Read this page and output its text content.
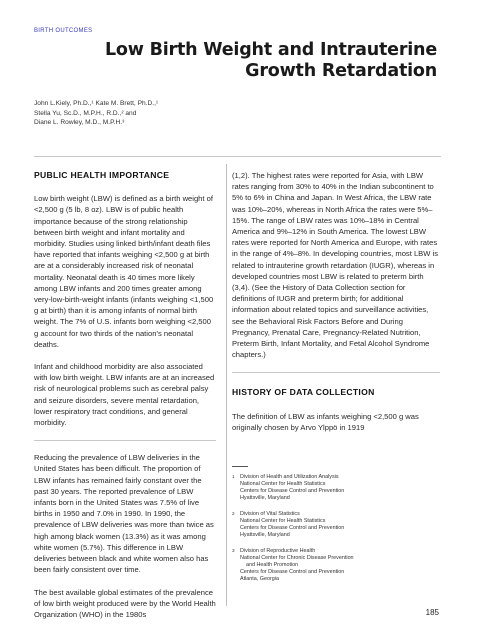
BIRTH OUTCOMES
Low Birth Weight and Intrauterine
Growth Retardation
John L.Kiely, Ph.D.,¹ Kate M. Brett, Ph.D.,¹
Stella Yu, Sc.D., M.P.H., R.D.,² and
Diane L. Rowley, M.D., M.P.H.³

PUBLIC HEALTH IMPORTANCE

Low birth weight (LBW) is defined as a birth weight of <2,500 g (5 lb, 8 oz). LBW is of public health importance because of the strong relationship between birth weight and infant mortality and morbidity. Studies using linked birth/infant death files have reported that infants weighing <2,500 g at birth are at a considerably increased risk of neonatal mortality. Neonatal death is 40 times more likely among LBW infants and 200 times greater among very-low-birth-weight infants (infants weighing <1,500 g at birth) than it is among infants of normal birth weight. The 7% of U.S. infants born weighing <2,500 g account for two thirds of the nation’s neonatal deaths.

Infant and childhood morbidity are also associated with low birth weight. LBW infants are at an increased risk of neurological problems such as cerebral palsy and seizure disorders, severe mental retardation, lower respiratory tract conditions, and general morbidity.

Reducing the prevalence of LBW deliveries in the United States has been difficult. The proportion of LBW infants has remained fairly constant over the past 30 years. The reported prevalence of LBW infants born in the United States was 7.5% of live births in 1950 and 7.0% in 1990. In 1990, the prevalence of LBW deliveries was more than twice as high among black women (13.3%) as it was among white women (5.7%). This difference in LBW deliveries between black and white women also has been fairly consistent over time.

The best available global estimates of the prevalence of low birth weight produced were by the World Health Organization (WHO) in the 1980s

(1,2). The highest rates were reported for Asia, with LBW rates ranging from 30% to 40% in the Indian subcontinent to 5% to 6% in China and Japan. In West Africa, the LBW rate was 10%–20%, whereas in North Africa the rates were 5%–15%. The range of LBW rates was 10%–18% in Central America and 9%–12% in South America. The lowest LBW rates were reported for North America and Europe, with rates in the range of 4%–8%. In developing countries, most LBW is related to intrauterine growth retardation (IUGR), whereas in developed countries most LBW is related to preterm birth (3,4). (See the History of Data Collection section for definitions of IUGR and preterm birth; for additional information about related topics and surveillance activities, see the Behavioral Risk Factors Before and During Pregnancy, Prenatal Care, Pregnancy-Related Nutrition, Preterm Birth, Infant Mortality, and Fetal Alcohol Syndrome chapters.)

HISTORY OF DATA COLLECTION

The definition of LBW as infants weighing <2,500 g was originally chosen by Arvo Ylppö in 1919

1 Division of Health and Utilization Analysis
National Center for Health Statistics
Centers for Disease Control and Prevention
Hyattsville, Maryland
2 Division of Vital Statistics
National Center for Health Statistics
Centers for Disease Control and Prevention
Hyattsville, Maryland
3 Division of Reproductive Health
National Center for Chronic Disease Prevention
and Health Promotion
Centers for Disease Control and Prevention
Atlanta, Georgia
185
